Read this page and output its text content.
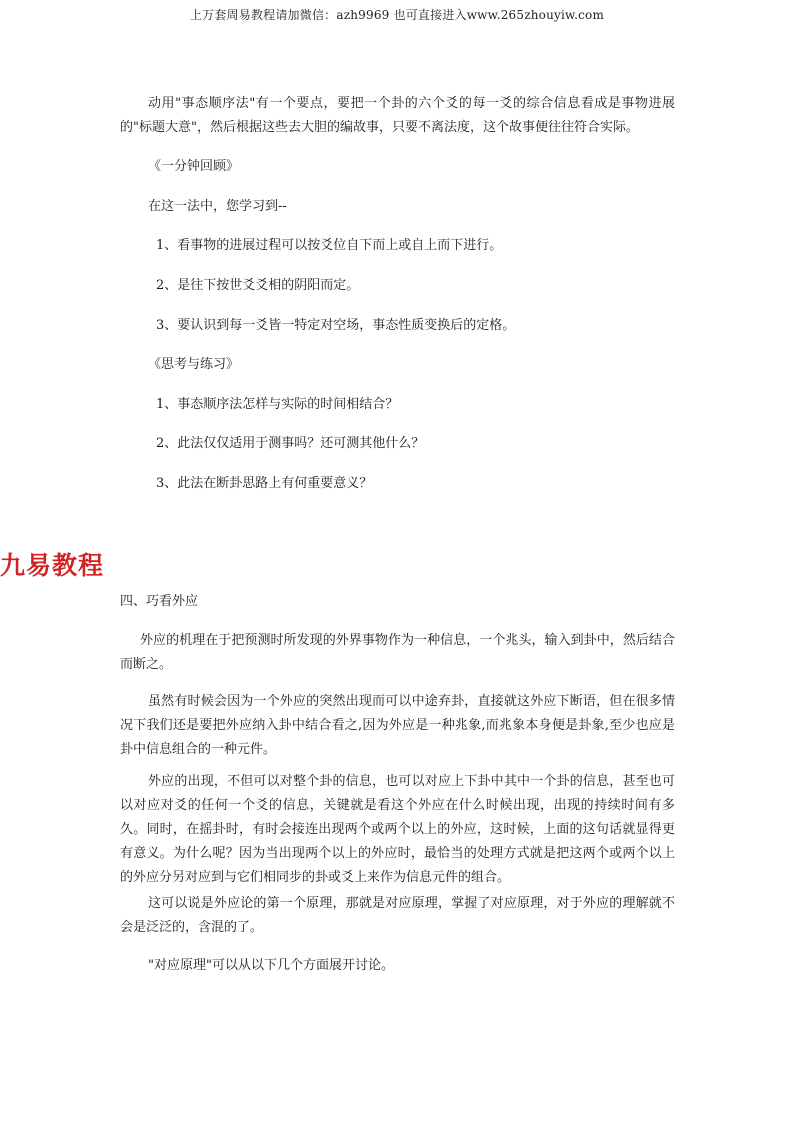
上万套周易教程请加微信：azh9969 也可直接进入www.265zhouyiw.com
动用"事态顺序法"有一个要点，要把一个卦的六个爻的每一爻的综合信息看成是事物进展的"标题大意"，然后根据这些去大胆的编故事，只要不离法度，这个故事便往往符合实际。
《一分钟回顾》
在这一法中，您学习到--
1、看事物的进展过程可以按爻位自下而上或自上而下进行。
2、是往下按世爻爻相的阴阳而定。
3、要认识到每一爻皆一特定对空场，事态性质变换后的定格。
《思考与练习》
1、事态顺序法怎样与实际的时间相结合？
2、此法仅仅适用于测事吗？还可测其他什么？
3、此法在断卦思路上有何重要意义？
九易教程
四、巧看外应
外应的机理在于把预测时所发现的外界事物作为一种信息，一个兆头，输入到卦中，然后结合而断之。
虽然有时候会因为一个外应的突然出现而可以中途弃卦，直接就这外应下断语，但在很多情况下我们还是要把外应纳入卦中结合看之,因为外应是一种兆象,而兆象本身便是卦象,至少也应是卦中信息组合的一种元件。
外应的出现，不但可以对整个卦的信息，也可以对应上下卦中其中一个卦的信息，甚至也可以对应对爻的任何一个爻的信息，关键就是看这个外应在什么时候出现，出现的持续时间有多久。同时，在摇卦时，有时会接连出现两个或两个以上的外应，这时候，上面的这句话就显得更有意义。为什么呢？因为当出现两个以上的外应时，最恰当的处理方式就是把这两个或两个以上的外应分另对应到与它们相同步的卦或爻上来作为信息元件的组合。
这可以说是外应论的第一个原理，那就是对应原理，掌握了对应原理，对于外应的理解就不会是泛泛的，含混的了。
"对应原理"可以从以下几个方面展开讨论。
